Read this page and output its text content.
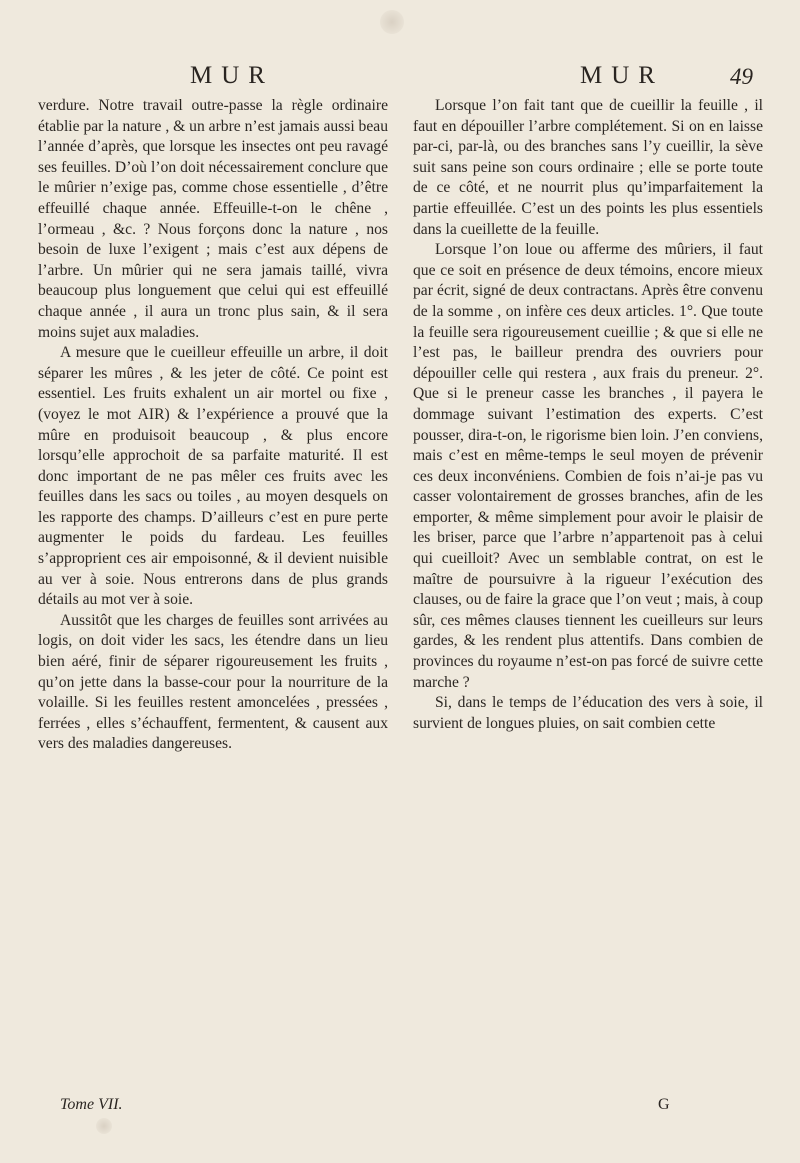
MUR	MUR	49

verdure. Notre travail outre-passe la règle ordinaire établie par la nature , & un arbre n’est jamais aussi beau l’année d’après, que lorsque les insectes ont peu ravagé ses feuilles. D’où l’on doit nécessairement conclure que le mûrier n’exige pas, comme chose essentielle , d’être effeuillé chaque année. Effeuille-t-on le chêne , l’ormeau , &c. ? Nous forçons donc la nature , nos besoin de luxe l’exigent ; mais c’est aux dépens de l’arbre. Un mûrier qui ne sera jamais taillé, vivra beaucoup plus longuement que celui qui est effeuillé chaque année , il aura un tronc plus sain, & il sera moins sujet aux maladies.

A mesure que le cueilleur effeuille un arbre, il doit séparer les mûres , & les jeter de côté. Ce point est essentiel. Les fruits exhalent un air mortel ou fixe , (voyez le mot AIR) & l’expérience a prouvé que la mûre en produisoit beaucoup , & plus encore lorsqu’elle approchoit de sa parfaite maturité. Il est donc important de ne pas mêler ces fruits avec les feuilles dans les sacs ou toiles , au moyen desquels on les rapporte des champs. D’ailleurs c’est en pure perte augmenter le poids du fardeau. Les feuilles s’approprient ces air empoisonné, & il devient nuisible au ver à soie. Nous entrerons dans de plus grands détails au mot ver à soie.

Aussitôt que les charges de feuilles sont arrivées au logis, on doit vider les sacs, les étendre dans un lieu bien aéré, finir de séparer rigoureusement les fruits , qu’on jette dans la basse-cour pour la nourriture de la volaille. Si les feuilles restent amoncelées , pressées , ferrées , elles s’échauffent, fermentent, & causent aux vers des maladies dangereuses.

Lorsque l’on fait tant que de cueillir la feuille , il faut en dépouiller l’arbre complétement. Si on en laisse par-ci, par-là, ou des branches sans l’y cueillir, la sève suit sans peine son cours ordinaire ; elle se porte toute de ce côté, et ne nourrit plus qu’imparfaitement la partie effeuillée. C’est un des points les plus essentiels dans la cueillette de la feuille.

Lorsque l’on loue ou afferme des mûriers, il faut que ce soit en présence de deux témoins, encore mieux par écrit, signé de deux contractans. Après être convenu de la somme , on infère ces deux articles. 1°. Que toute la feuille sera rigoureusement cueillie ; & que si elle ne l’est pas, le bailleur prendra des ouvriers pour dépouiller celle qui restera , aux frais du preneur. 2°. Que si le preneur casse les branches , il payera le dommage suivant l’estimation des experts. C’est pousser, dira-t-on, le rigorisme bien loin. J’en conviens, mais c’est en même-temps le seul moyen de prévenir ces deux inconvéniens. Combien de fois n’ai-je pas vu casser volontairement de grosses branches, afin de les emporter, & même simplement pour avoir le plaisir de les briser, parce que l’arbre n’appartenoit pas à celui qui cueilloit? Avec un semblable contrat, on est le maître de poursuivre à la rigueur l’exécution des clauses, ou de faire la grace que l’on veut ; mais, à coup sûr, ces mêmes clauses tiennent les cueilleurs sur leurs gardes, & les rendent plus attentifs. Dans combien de provinces du royaume n’est-on pas forcé de suivre cette marche ?

Si, dans le temps de l’éducation des vers à soie, il survient de longues pluies, on sait combien cette

Tome VII.	G
